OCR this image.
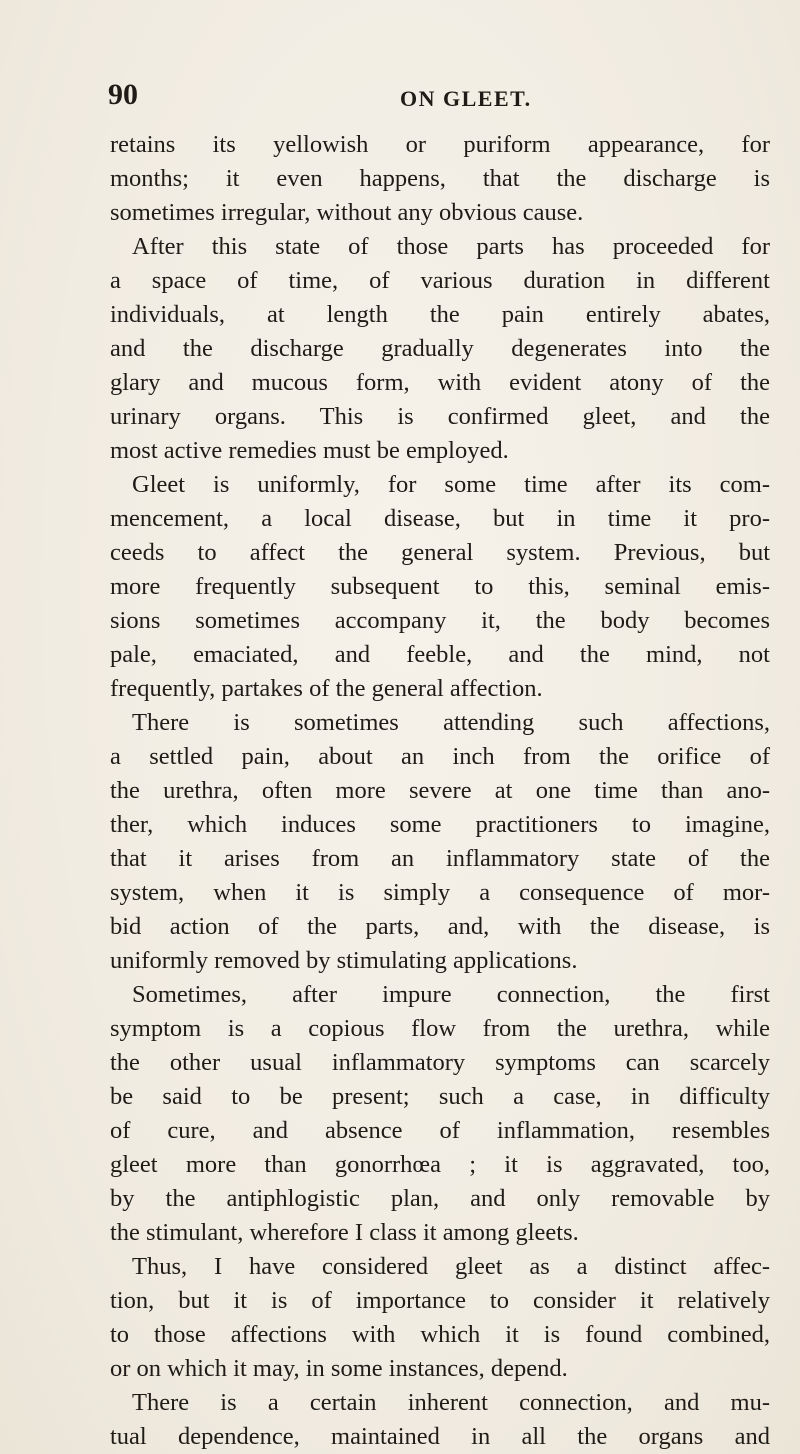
90	ON GLEET.
retains its yellowish or puriform appearance, for
months; it even happens, that the discharge is
sometimes irregular, without any obvious cause.
After this state of those parts has proceeded for
a space of time, of various duration in different
individuals, at length the pain entirely abates,
and the discharge gradually degenerates into the
glary and mucous form, with evident atony of the
urinary organs. This is confirmed gleet, and the
most active remedies must be employed.
Gleet is uniformly, for some time after its com-
mencement, a local disease, but in time it pro-
ceeds to affect the general system. Previous, but
more frequently subsequent to this, seminal emis-
sions sometimes accompany it, the body becomes
pale, emaciated, and feeble, and the mind, not
frequently, partakes of the general affection.
There is sometimes attending such affections,
a settled pain, about an inch from the orifice of
the urethra, often more severe at one time than ano-
ther, which induces some practitioners to imagine,
that it arises from an inflammatory state of the
system, when it is simply a consequence of mor-
bid action of the parts, and, with the disease, is
uniformly removed by stimulating applications.
Sometimes, after impure connection, the first
symptom is a copious flow from the urethra, while
the other usual inflammatory symptoms can scarcely
be said to be present; such a case, in difficulty
of cure, and absence of inflammation, resembles
gleet more than gonorrhœa ; it is aggravated, too,
by the antiphlogistic plan, and only removable by
the stimulant, wherefore I class it among gleets.
Thus, I have considered gleet as a distinct affec-
tion, but it is of importance to consider it relatively
to those affections with which it is found combined,
or on which it may, in some instances, depend.
There is a certain inherent connection, and mu-
tual dependence, maintained in all the organs and
